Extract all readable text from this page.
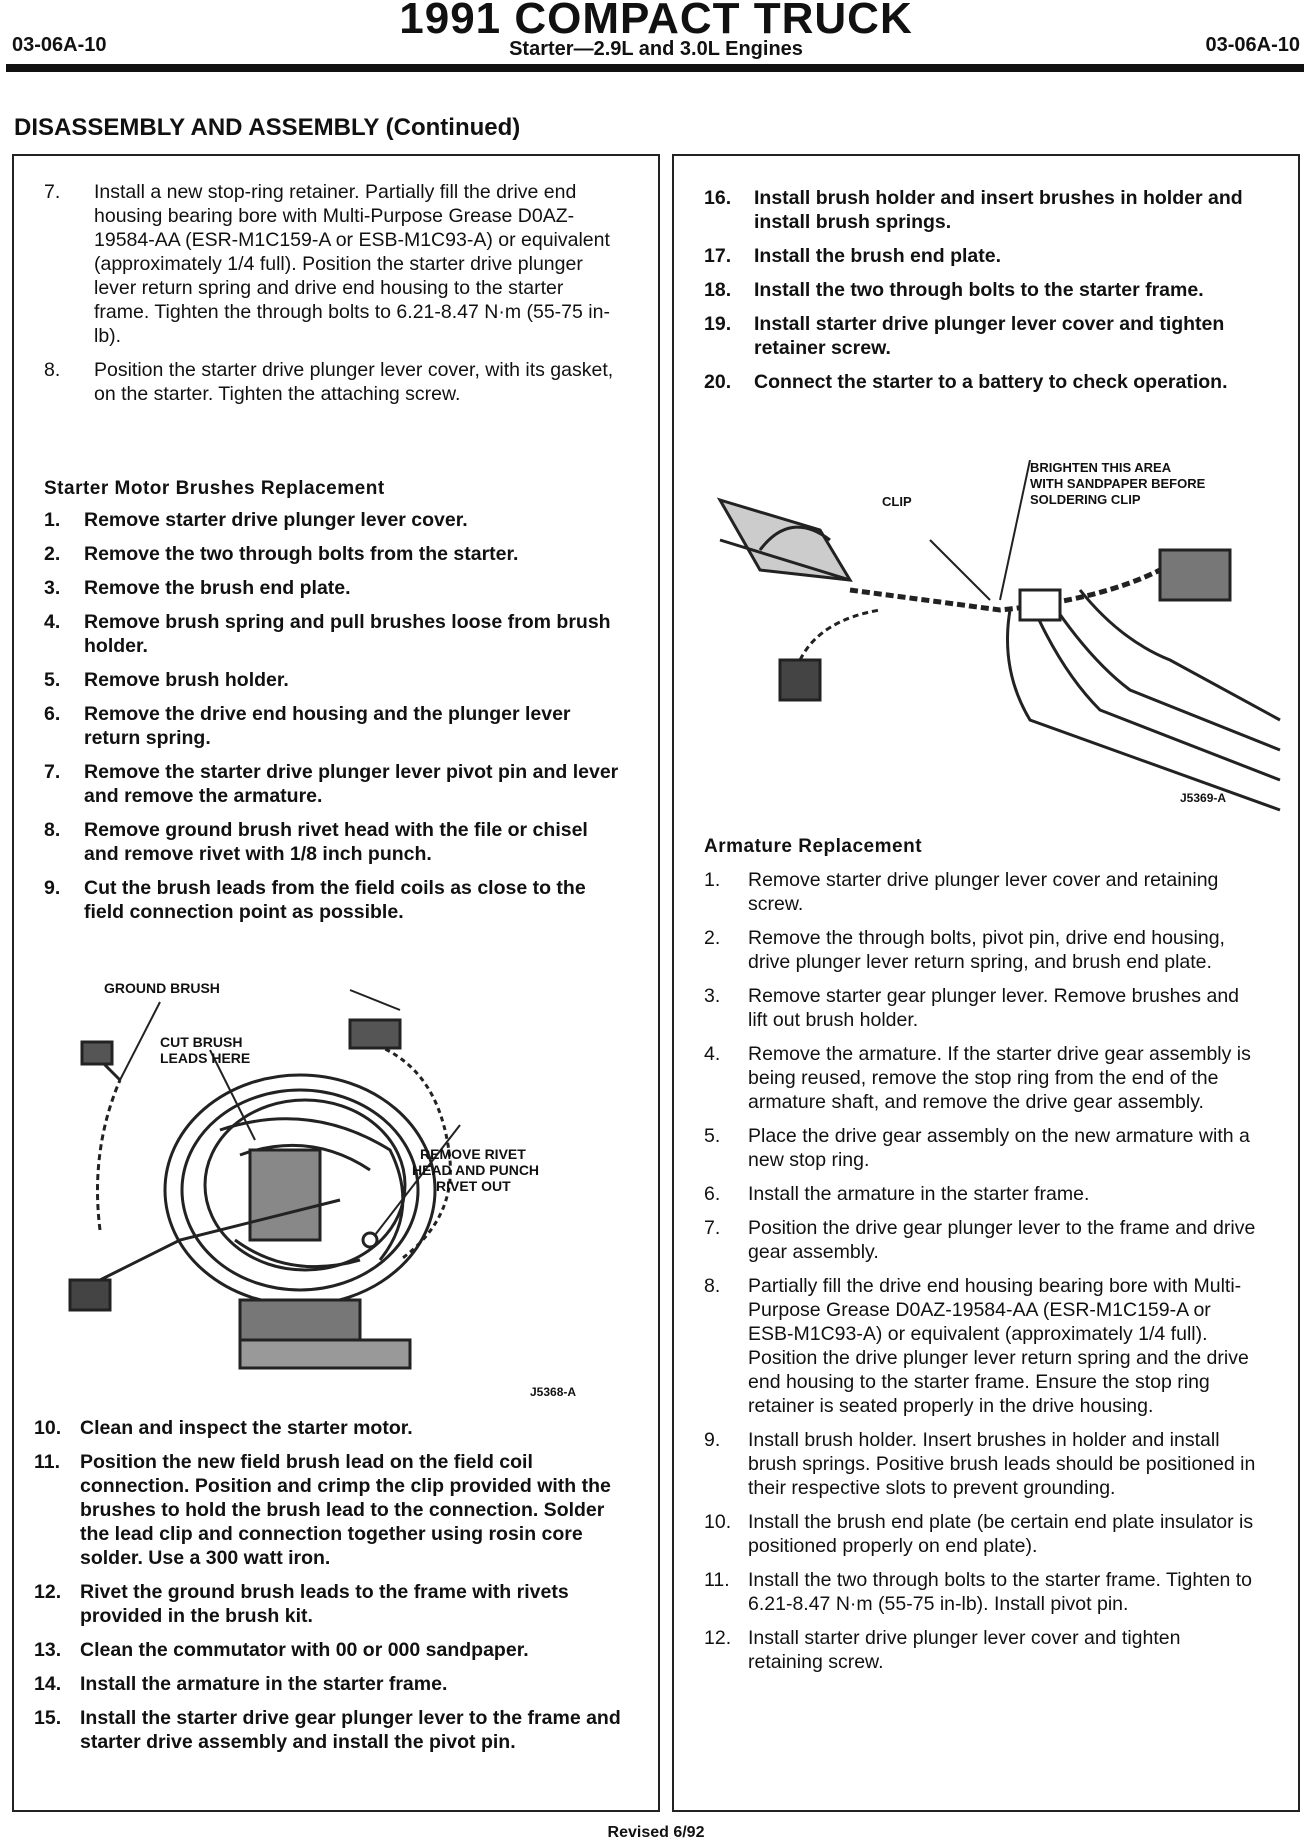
03-06A-10
1991 COMPACT TRUCK
Starter—2.9L and 3.0L Engines	03-06A-10
DISASSEMBLY AND ASSEMBLY (Continued)
7.	Install a new stop-ring retainer. Partially fill the drive end housing bearing bore with Multi-Purpose Grease D0AZ-19584-AA (ESR-M1C159-A or ESB-M1C93-A) or equivalent (approximately 1/4 full). Position the starter drive plunger lever return spring and drive end housing to the starter frame. Tighten the through bolts to 6.21-8.47 N·m (55-75 in-lb).
8.	Position the starter drive plunger lever cover, with its gasket, on the starter. Tighten the attaching screw.
Starter Motor Brushes Replacement
1.	Remove starter drive plunger lever cover.
2.	Remove the two through bolts from the starter.
3.	Remove the brush end plate.
4.	Remove brush spring and pull brushes loose from brush holder.
5.	Remove brush holder.
6.	Remove the drive end housing and the plunger lever return spring.
7.	Remove the starter drive plunger lever pivot pin and lever and remove the armature.
8.	Remove ground brush rivet head with the file or chisel and remove rivet with 1/8 inch punch.
9.	Cut the brush leads from the field coils as close to the field connection point as possible.
GROUND BRUSH
CUT BRUSH
LEADS HERE
REMOVE RIVET
HEAD AND PUNCH
RIVET OUT
J5368-A
10. Clean and inspect the starter motor.
11.	Position the new field brush lead on the field coil connection. Position and crimp the clip provided with the brushes to hold the brush lead to the connection. Solder the lead clip and connection together using rosin core solder. Use a 300 watt iron.
12. Rivet the ground brush leads to the frame with rivets provided in the brush kit.
13. Clean the commutator with 00 or 000 sandpaper.
14. Install the armature in the starter frame.
15. Install the starter drive gear plunger lever to the frame and starter drive assembly and install the pivot pin.
16.	Install brush holder and insert brushes in holder and install brush springs.
17.	Install the brush end plate.
18.	Install the two through bolts to the starter frame.
19.	Install starter drive plunger lever cover and tighten retainer screw.
20.	Connect the starter to a battery to check operation.
BRIGHTEN THIS AREA
WITH SANDPAPER BEFORE
SOLDERING CLIP
CLIP
J5369-A
Armature Replacement
1.	Remove starter drive plunger lever cover and retaining screw.
2.	Remove the through bolts, pivot pin, drive end housing, drive plunger lever return spring, and brush end plate.
3.	Remove starter gear plunger lever. Remove brushes and lift out brush holder.
4.	Remove the armature. If the starter drive gear assembly is being reused, remove the stop ring from the end of the armature shaft, and remove the drive gear assembly.
5.	Place the drive gear assembly on the new armature with a new stop ring.
6.	Install the armature in the starter frame.
7.	Position the drive gear plunger lever to the frame and drive gear assembly.
8.	Partially fill the drive end housing bearing bore with Multi-Purpose Grease D0AZ-19584-AA (ESR-M1C159-A or ESB-M1C93-A) or equivalent (approximately 1/4 full). Position the drive plunger lever return spring and the drive end housing to the starter frame. Ensure the stop ring retainer is seated properly in the drive housing.
9.	Install brush holder. Insert brushes in holder and install brush springs. Positive brush leads should be positioned in their respective slots to prevent grounding.
10. Install the brush end plate (be certain end plate insulator is positioned properly on end plate).
11. Install the two through bolts to the starter frame. Tighten to 6.21-8.47 N·m (55-75 in-lb). Install pivot pin.
12. Install starter drive plunger lever cover and tighten retaining screw.
Revised 6/92
